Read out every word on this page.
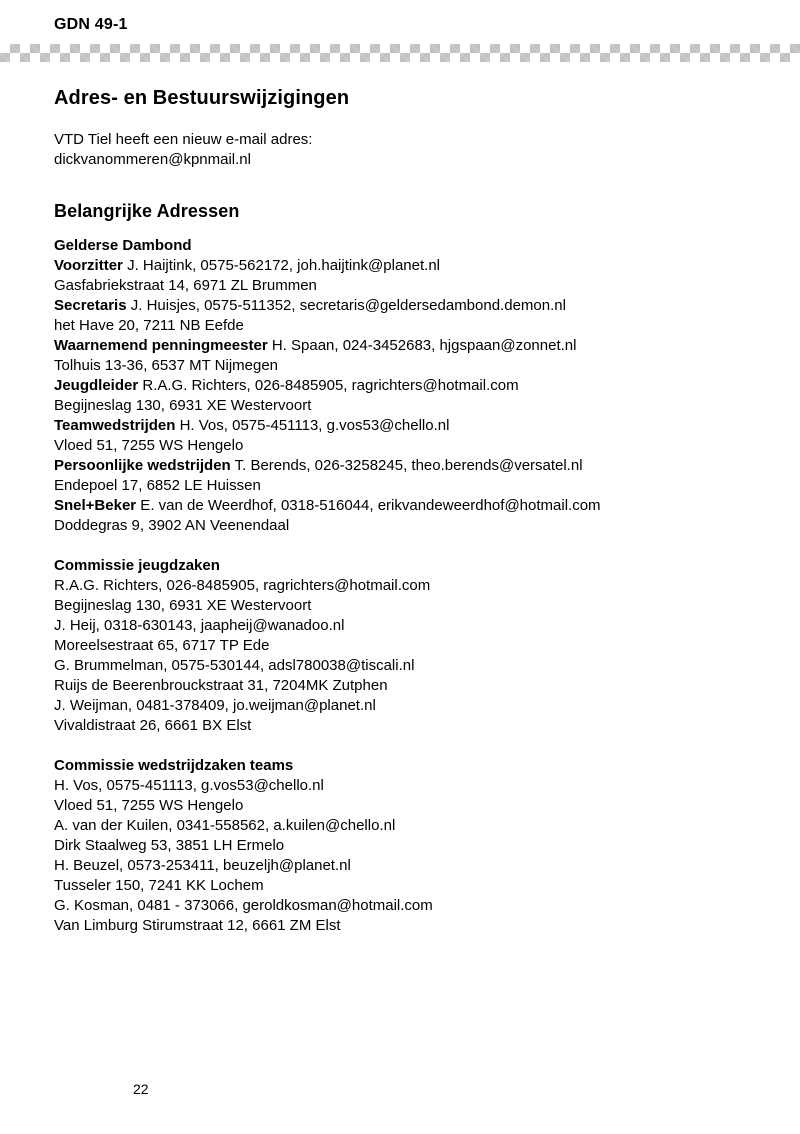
GDN 49-1
Adres- en Bestuurswijzigingen

VTD Tiel heeft een nieuw e-mail adres:
dickvanommeren@kpnmail.nl

Belangrijke Adressen
Gelderse Dambond
Voorzitter J. Haijtink, 0575-562172, joh.haijtink@planet.nl
Gasfabriekstraat 14, 6971 ZL Brummen
Secretaris J. Huisjes, 0575-511352, secretaris@geldersedambond.demon.nl
het Have 20, 7211 NB Eefde
Waarnemend penningmeester H. Spaan, 024-3452683, hjgspaan@zonnet.nl
Tolhuis 13-36, 6537 MT Nijmegen
Jeugdleider R.A.G. Richters, 026-8485905, ragrichters@hotmail.com
Begijneslag 130, 6931 XE Westervoort
Teamwedstrijden H. Vos, 0575-451113, g.vos53@chello.nl
Vloed 51, 7255 WS Hengelo
Persoonlijke wedstrijden T. Berends, 026-3258245, theo.berends@versatel.nl
Endepoel 17, 6852 LE Huissen
Snel+Beker E. van de Weerdhof, 0318-516044, erikvandeweerdhof@hotmail.com
Doddegras 9, 3902 AN Veenendaal
Commissie jeugdzaken
R.A.G. Richters, 026-8485905, ragrichters@hotmail.com
Begijneslag 130, 6931 XE Westervoort
J. Heij, 0318-630143, jaapheij@wanadoo.nl
Moreelsestraat 65, 6717 TP Ede
G. Brummelman, 0575-530144, adsl780038@tiscali.nl
Ruijs de Beerenbrouckstraat 31, 7204MK Zutphen
J. Weijman, 0481-378409, jo.weijman@planet.nl
Vivaldistraat 26, 6661 BX Elst
Commissie wedstrijdzaken teams
H. Vos, 0575-451113, g.vos53@chello.nl
Vloed 51, 7255 WS Hengelo
A. van der Kuilen, 0341-558562, a.kuilen@chello.nl
Dirk Staalweg 53, 3851 LH Ermelo
H. Beuzel, 0573-253411, beuzeljh@planet.nl
Tusseler 150, 7241 KK Lochem
G. Kosman, 0481 - 373066, geroldkosman@hotmail.com
Van Limburg Stirumstraat 12, 6661 ZM Elst
22
